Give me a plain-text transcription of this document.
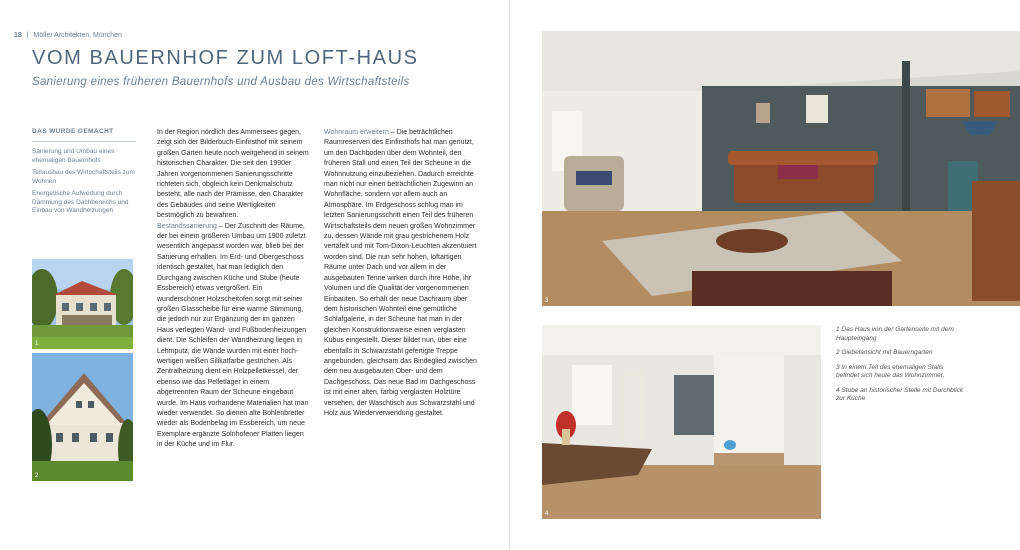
18 | Möller Architekten, München
VOM BAUERNHOF ZUM LOFT-HAUS
Sanierung eines früheren Bauernhofs und Ausbau des Wirtschaftsteils
DAS WURDE GEMACHT
Sanierung und Umbau eines ehemaligen Bauernhofs
Teilausbau des Wirtschaftsteils zum Wohnen
Energetische Aufwertung durch Dämmung des Dachbereichs und Einbau von Wandheizungen
1
2
In der Region nördlich des Ammersees gegen, zeigt sich der Bilderbuch-Einfirsthof mit seinem großen Garten heute noch weitgehend in seinem historischen Charakter. Die seit den 1990er Jahren vorgenommenen Sanierungsschritte richteten sich, obgleich kein Denkmalschutz besteht, alle nach der Prämisse, den Charakter des Gebäudes und seine Wertigkeiten bestmöglich zu bewahren.
Bestandssanierung – Der Zuschnitt der Räume, der bei einem größeren Umbau um 1900 zuletzt wesentlich angepasst worden war, blieb bei der Sanierung erhalten. Im Erd- und Obergeschoss identisch gestaltet, hat man lediglich den Durchgang zwischen Küche und Stube (heute Essbereich) etwas vergrößert. Ein wunderschöner Holzscheitofen sorgt mit seiner großen Glasscheibe für eine warme Stimmung, die jedoch nur zur Ergänzung der im ganzen Haus verlegten Wand- und Fußbodenheizungen dient. Die Schleifen der Wandheizung liegen in Lehmputz, die Wände wurden mit einer hochwertigen weißen Silikatfarbe gestrichen. Als Zentralheizung dient ein Holzpelletkessel, der ebenso wie das Pelletlager in einem abgetrennten Raum der Scheune eingebaut wurde. Im Haus vorhandene Materialien hat man wieder verwendet. So dienen alte Bohlenbretter wieder als Bodenbelag im Essbereich, um neue Exemplare ergänzte Solnhofener Platten liegen in der Küche und im Flur.
Wohnraum erweitern – Die beträchtlichen Raumreserven des Einfirsthofs hat man genutzt, um den Dachboden über dem Wohnteil, den früheren Stall und einen Teil der Scheune in die Wohnnutzung einzubeziehen. Dadurch erreichte man nicht nur einen beträchtlichen Zugewinn an Wohnfläche, sondern vor allem auch an Atmosphäre. Im Erdgeschoss schlug man im letzten Sanierungsschritt einen Teil des früheren Wirtschaftsteils dem neuen großen Wohnzimmer zu, dessen Wände mit grau gestrichenem Holz vertäfelt und mit Tom-Dixon-Leuchten akzentuiert worden sind. Die nun sehr hohen, loftartigen Räume unter Dach und vor allem in der ausgebauten Tenne wirken durch ihre Höhe, ihr Volumen und die Qualität der vorgenommenen Einbauten. So erhält der neue Dachraum über dem historischen Wohnteil eine gemütliche Schlafgalerie, in der Scheune hat man in der gleichen Konstruktionsweise einen verglasten Kubus eingestellt. Dieser bildet nun, über eine ebenfalls in Schwarzstahl gefertigte Treppe angebunden, gleichsam das Bindeglied zwischen dem neu ausgebauten Ober- und dem Dachgeschoss. Das neue Bad im Dachgeschoss ist mit einer alten, farbig verglasten Holztüre versehen, der Waschtisch aus Schwarzstahl und Holz aus Wiederverwendung gestaltet.
3
4
1 Das Haus von der Gartenseite mit dem Haupteingang
2 Giebelansicht mit Bauerngarten
3 In einem Teil des ehemaligen Stalls befindet sich heute das Wohnzimmer.
4 Stube an historischer Stelle mit Durchblick zur Küche
